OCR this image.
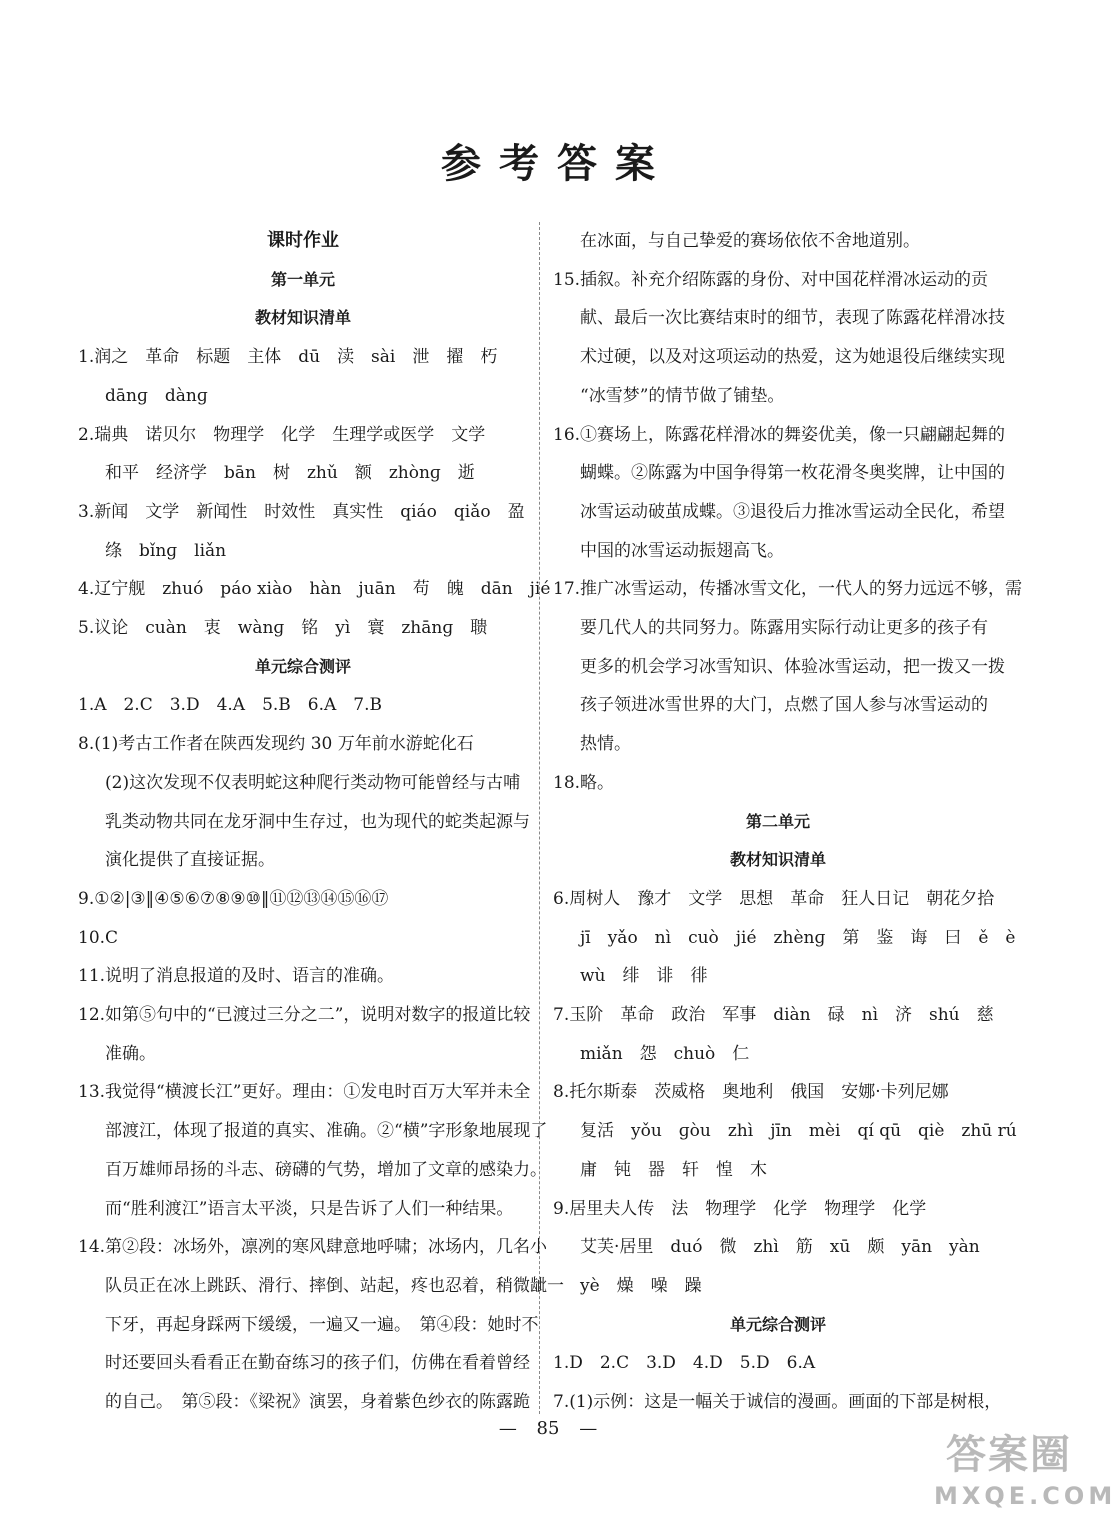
参考答案
课时作业
第一单元
教材知识清单
1.润之　革命　标题　主体　dū　渎　sài　泄　擢　朽
dānɡ　dànɡ
2.瑞典　诺贝尔　物理学　化学　生理学或医学　文学
和平　经济学　bān　树　zhǔ　额　zhònɡ　逝
3.新闻　文学　新闻性　时效性　真实性　qiáo　qiǎo　盈
绦　bǐnɡ　liǎn
4.辽宁舰　zhuó　páo xiào　hàn　juān　苟　魄　dān　jié
5.议论　cuàn　衷　wànɡ　铭　yì　寰　zhānɡ　聩
单元综合测评
1.A　2.C　3.D　4.A　5.B　6.A　7.B
8.(1)考古工作者在陕西发现约 30 万年前水游蛇化石
(2)这次发现不仅表明蛇这种爬行类动物可能曾经与古哺
乳类动物共同在龙牙洞中生存过，也为现代的蛇类起源与
演化提供了直接证据。
9.①②|③‖④⑤⑥⑦⑧⑨⑩‖⑪⑫⑬⑭⑮⑯⑰
10.C
11.说明了消息报道的及时、语言的准确。
12.如第⑤句中的“已渡过三分之二”，说明对数字的报道比较
准确。
13.我觉得“横渡长江”更好。理由：①发电时百万大军并未全
部渡江，体现了报道的真实、准确。②“横”字形象地展现了
百万雄师昂扬的斗志、磅礴的气势，增加了文章的感染力。
而“胜利渡江”语言太平淡，只是告诉了人们一种结果。
14.第②段：冰场外，凛冽的寒风肆意地呼啸；冰场内，几名小
队员正在冰上跳跃、滑行、摔倒、站起，疼也忍着，稍微龇一
下牙，再起身踩两下缓缓，一遍又一遍。　第④段：她时不
时还要回头看看正在勤奋练习的孩子们，仿佛在看着曾经
的自己。　第⑤段：《梁祝》演罢，身着紫色纱衣的陈露跪
在冰面，与自己挚爱的赛场依依不舍地道别。
15.插叙。补充介绍陈露的身份、对中国花样滑冰运动的贡
献、最后一次比赛结束时的细节，表现了陈露花样滑冰技
术过硬，以及对这项运动的热爱，这为她退役后继续实现
“冰雪梦”的情节做了铺垫。
16.①赛场上，陈露花样滑冰的舞姿优美，像一只翩翩起舞的
蝴蝶。②陈露为中国争得第一枚花滑冬奥奖牌，让中国的
冰雪运动破茧成蝶。③退役后力推冰雪运动全民化，希望
中国的冰雪运动振翅高飞。
17.推广冰雪运动，传播冰雪文化，一代人的努力远远不够，需
要几代人的共同努力。陈露用实际行动让更多的孩子有
更多的机会学习冰雪知识、体验冰雪运动，把一拨又一拨
孩子领进冰雪世界的大门，点燃了国人参与冰雪运动的
热情。
18.略。
第二单元
教材知识清单
6.周树人　豫才　文学　思想　革命　狂人日记　朝花夕拾
jī　yǎo　nì　cuò　jié　zhènɡ　第　鉴　诲　曰　ě　è
wù　绯　诽　徘
7.玉阶　革命　政治　军事　diàn　碌　nì　济　shú　慈
miǎn　怨　chuò　仁
8.托尔斯泰　茨威格　奥地利　俄国　安娜·卡列尼娜
复活　yǒu　ɡòu　zhì　jīn　mèi　qí qū　qiè　zhū rú
庸　钝　器　轩　惶　木
9.居里夫人传　法　物理学　化学　物理学　化学
艾芙·居里　duó　微　zhì　筋　xū　颇　yān　yàn
yè　燥　噪　躁
单元综合测评
1.D　2.C　3.D　4.D　5.D　6.A
7.(1)示例：这是一幅关于诚信的漫画。画面的下部是树根，
— 85 —
答案圈
MXQE.COM
